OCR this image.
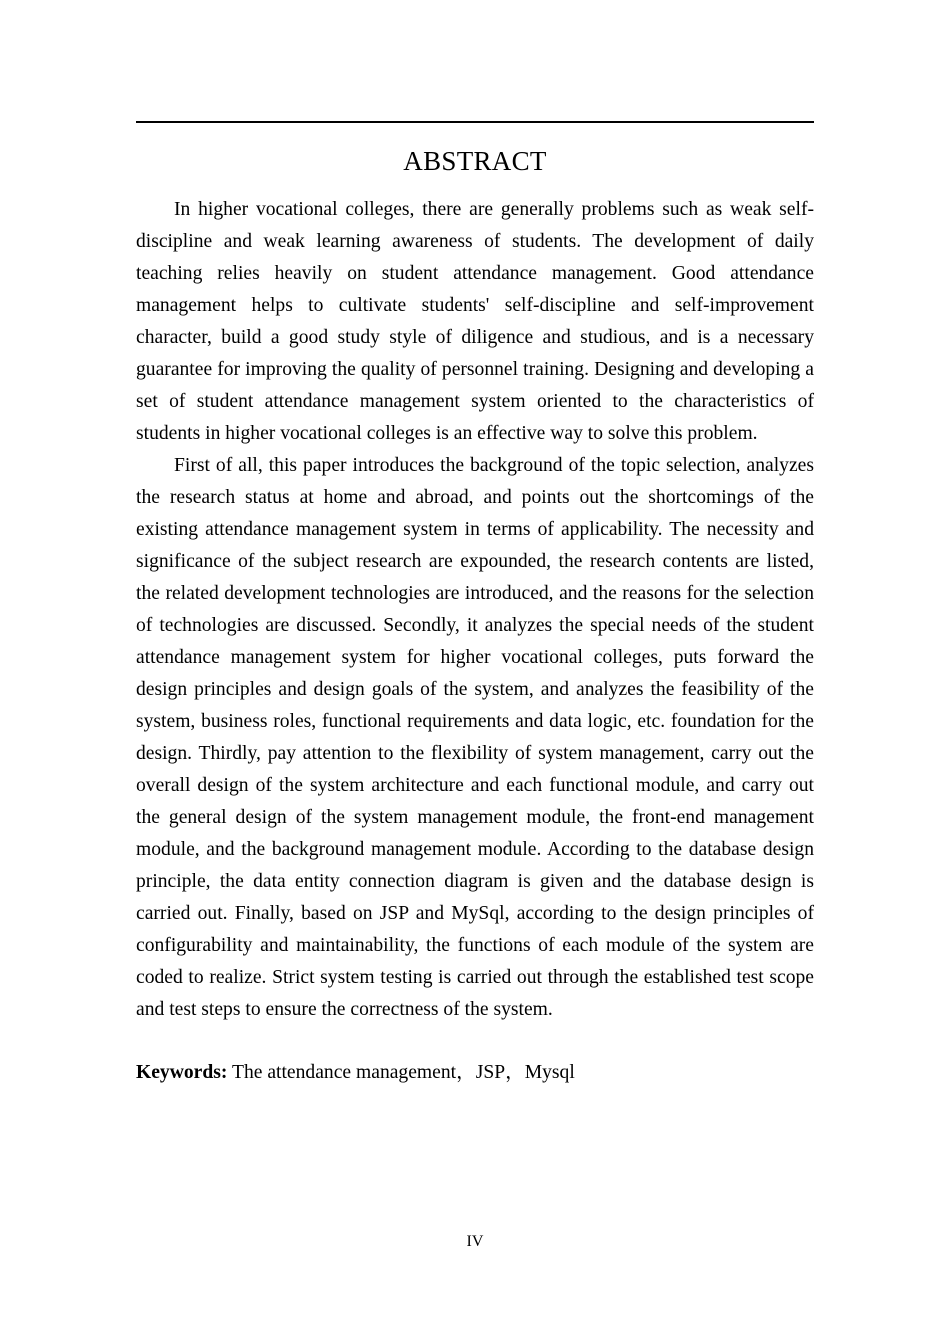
ABSTRACT

In higher vocational colleges, there are generally problems such as weak self-discipline and weak learning awareness of students. The development of daily teaching relies heavily on student attendance management. Good attendance management helps to cultivate students' self-discipline and self-improvement character, build a good study style of diligence and studious, and is a necessary guarantee for improving the quality of personnel training. Designing and developing a set of student attendance management system oriented to the characteristics of students in higher vocational colleges is an effective way to solve this problem.

First of all, this paper introduces the background of the topic selection, analyzes the research status at home and abroad, and points out the shortcomings of the existing attendance management system in terms of applicability. The necessity and significance of the subject research are expounded, the research contents are listed, the related development technologies are introduced, and the reasons for the selection of technologies are discussed. Secondly, it analyzes the special needs of the student attendance management system for higher vocational colleges, puts forward the design principles and design goals of the system, and analyzes the feasibility of the system, business roles, functional requirements and data logic, etc. foundation for the design. Thirdly, pay attention to the flexibility of system management, carry out the overall design of the system architecture and each functional module, and carry out the general design of the system management module, the front-end management module, and the background management module. According to the database design principle, the data entity connection diagram is given and the database design is carried out. Finally, based on JSP and MySql, according to the design principles of configurability and maintainability, the functions of each module of the system are coded to realize. Strict system testing is carried out through the established test scope and test steps to ensure the correctness of the system.

Keywords: The attendance management，JSP，Mysql

IV
